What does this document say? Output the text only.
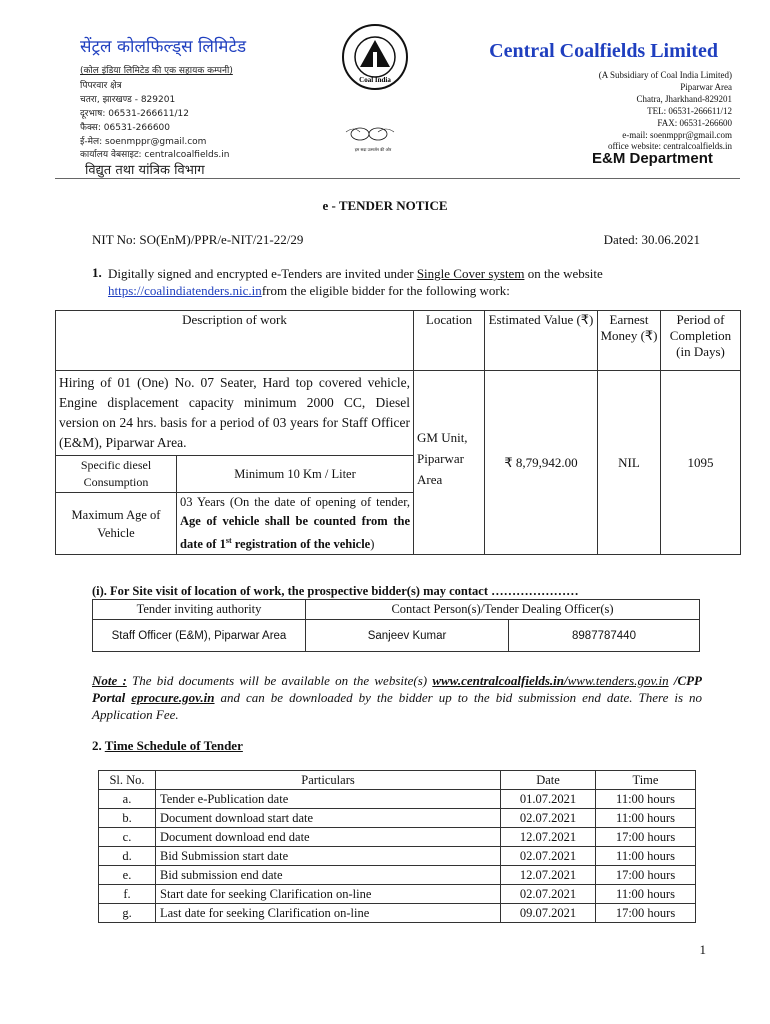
सेंट्रल कोलफिल्ड्स लिमिटेड
(कोल इंडिया लिमिटेड की एक सहायक कम्पनी)
पिपरवार क्षेत्र
चतरा, झारखण्ड - 829201
दूरभाष: 06531-266611/12
फैक्स: 06531-266600
ई-मेल: soenmppr@gmail.com
कार्यालय वेबसाइट: centralcoalfields.in
विद्युत तथा यांत्रिक विभाग
Coal India
हम सदा उत्सर्जन की ओर
Central Coalfields Limited
(A Subsidiary of Coal India Limited)
Piparwar Area
Chatra, Jharkhand-829201
TEL: 06531-266611/12
FAX: 06531-266600
e-mail: soenmppr@gmail.com
office website: centralcoalfields.in
E&M Department
e - TENDER NOTICE
NIT No: SO(EnM)/PPR/e-NIT/21-22/29	Dated: 30.06.2021
1. Digitally signed and encrypted e-Tenders are invited under Single Cover system on the website
https://coalindiatenders.nic.infrom the eligible bidder for the following work:
Description of work	Location	Estimated Value (₹)	Earnest Money (₹)	Period of Completion (in Days)

Hiring of 01 (One) No. 07 Seater, Hard top covered vehicle, Engine displacement capacity minimum 2000 CC, Diesel version on 24 hrs. basis for a period of 03 years for Staff Officer (E&M), Piparwar Area.
Specific diesel Consumption	Minimum 10 Km / Liter
Maximum Age of Vehicle	03 Years (On the date of opening of tender, Age of vehicle shall be counted from the date of 1st registration of the vehicle)
	GM Unit, Piparwar Area	₹ 8,79,942.00	NIL	1095
(i). For Site visit of location of work, the prospective bidder(s) may contact …………………
Tender inviting authority	Contact Person(s)/Tender Dealing Officer(s)	
Staff Officer (E&M), Piparwar Area	Sanjeev Kumar	8987787440
Note : The bid documents will be available on the website(s) www.centralcoalfields.in/www.tenders.gov.in /CPP Portal eprocure.gov.in and can be downloaded by the bidder up to the bid submission end date. There is no Application Fee.
2. Time Schedule of Tender
Sl. No.	Particulars	Date	Time
a.	Tender e-Publication date	01.07.2021	11:00 hours
b.	Document download start date	02.07.2021	11:00 hours
c.	Document download end date	12.07.2021	17:00 hours
d.	Bid Submission start date	02.07.2021	11:00 hours
e.	Bid submission end date	12.07.2021	17:00 hours
f.	Start date for seeking Clarification on-line	02.07.2021	11:00 hours
g.	Last date for seeking Clarification on-line	09.07.2021	17:00 hours
1
